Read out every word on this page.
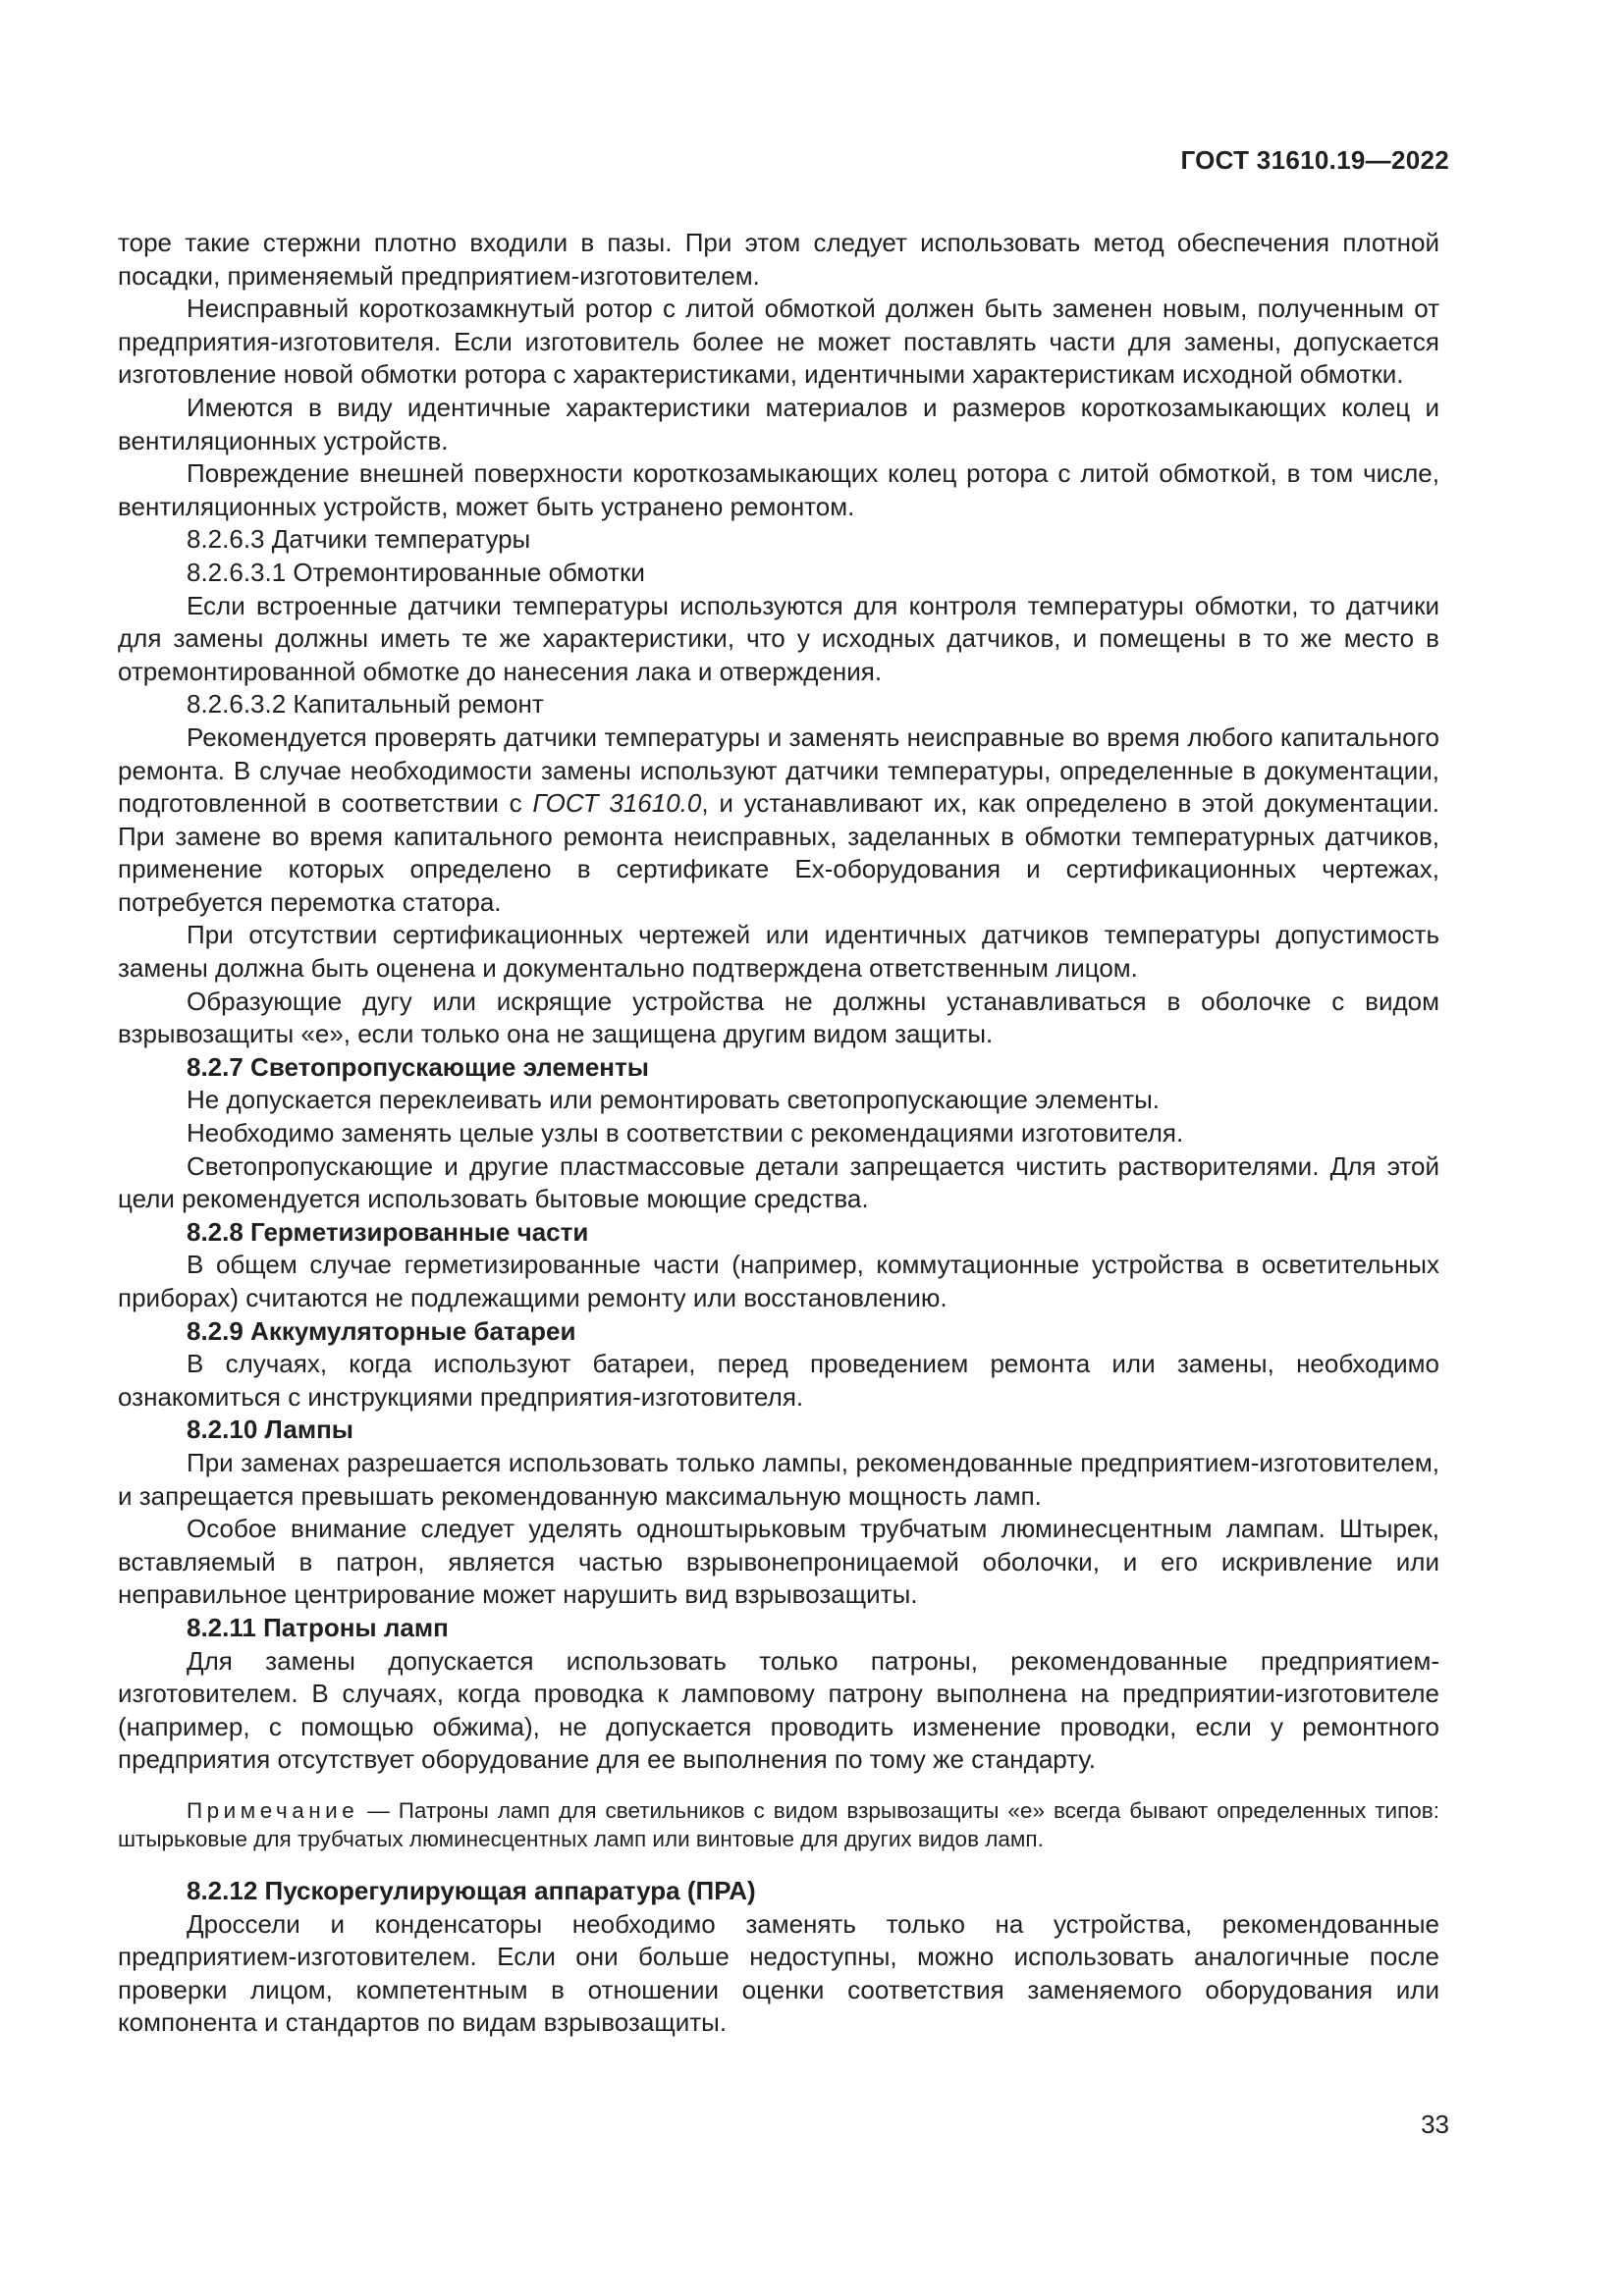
ГОСТ 31610.19—2022

торе такие стержни плотно входили в пазы. При этом следует использовать метод обеспечения плотной посадки, применяемый предприятием-изготовителем.

Неисправный короткозамкнутый ротор с литой обмоткой должен быть заменен новым, полученным от предприятия-изготовителя. Если изготовитель более не может поставлять части для замены, допускается изготовление новой обмотки ротора с характеристиками, идентичными характеристикам исходной обмотки.

Имеются в виду идентичные характеристики материалов и размеров короткозамыкающих колец и вентиляционных устройств.

Повреждение внешней поверхности короткозамыкающих колец ротора с литой обмоткой, в том числе, вентиляционных устройств, может быть устранено ремонтом.

8.2.6.3 Датчики температуры

8.2.6.3.1 Отремонтированные обмотки

Если встроенные датчики температуры используются для контроля температуры обмотки, то датчики для замены должны иметь те же характеристики, что у исходных датчиков, и помещены в то же место в отремонтированной обмотке до нанесения лака и отверждения.

8.2.6.3.2 Капитальный ремонт

Рекомендуется проверять датчики температуры и заменять неисправные во время любого капитального ремонта. В случае необходимости замены используют датчики температуры, определенные в документации, подготовленной в соответствии с ГОСТ 31610.0, и устанавливают их, как определено в этой документации. При замене во время капитального ремонта неисправных, заделанных в обмотки температурных датчиков, применение которых определено в сертификате Ex-оборудования и сертификационных чертежах, потребуется перемотка статора.

При отсутствии сертификационных чертежей или идентичных датчиков температуры допустимость замены должна быть оценена и документально подтверждена ответственным лицом.

Образующие дугу или искрящие устройства не должны устанавливаться в оболочке с видом взрывозащиты «е», если только она не защищена другим видом защиты.

8.2.7 Светопропускающие элементы

Не допускается переклеивать или ремонтировать светопропускающие элементы.

Необходимо заменять целые узлы в соответствии с рекомендациями изготовителя.

Светопропускающие и другие пластмассовые детали запрещается чистить растворителями. Для этой цели рекомендуется использовать бытовые моющие средства.

8.2.8 Герметизированные части

В общем случае герметизированные части (например, коммутационные устройства в осветительных приборах) считаются не подлежащими ремонту или восстановлению.

8.2.9 Аккумуляторные батареи

В случаях, когда используют батареи, перед проведением ремонта или замены, необходимо ознакомиться с инструкциями предприятия-изготовителя.

8.2.10 Лампы

При заменах разрешается использовать только лампы, рекомендованные предприятием-изготовителем, и запрещается превышать рекомендованную максимальную мощность ламп.

Особое внимание следует уделять одноштырьковым трубчатым люминесцентным лампам. Штырек, вставляемый в патрон, является частью взрывонепроницаемой оболочки, и его искривление или неправильное центрирование может нарушить вид взрывозащиты.

8.2.11 Патроны ламп

Для замены допускается использовать только патроны, рекомендованные предприятием-изготовителем. В случаях, когда проводка к ламповому патрону выполнена на предприятии-изготовителе (например, с помощью обжима), не допускается проводить изменение проводки, если у ремонтного предприятия отсутствует оборудование для ее выполнения по тому же стандарту.

Примечание — Патроны ламп для светильников с видом взрывозащиты «е» всегда бывают определенных типов: штырьковые для трубчатых люминесцентных ламп или винтовые для других видов ламп.

8.2.12 Пускорегулирующая аппаратура (ПРА)

Дроссели и конденсаторы необходимо заменять только на устройства, рекомендованные предприятием-изготовителем. Если они больше недоступны, можно использовать аналогичные после проверки лицом, компетентным в отношении оценки соответствия заменяемого оборудования или компонента и стандартов по видам взрывозащиты.

33
